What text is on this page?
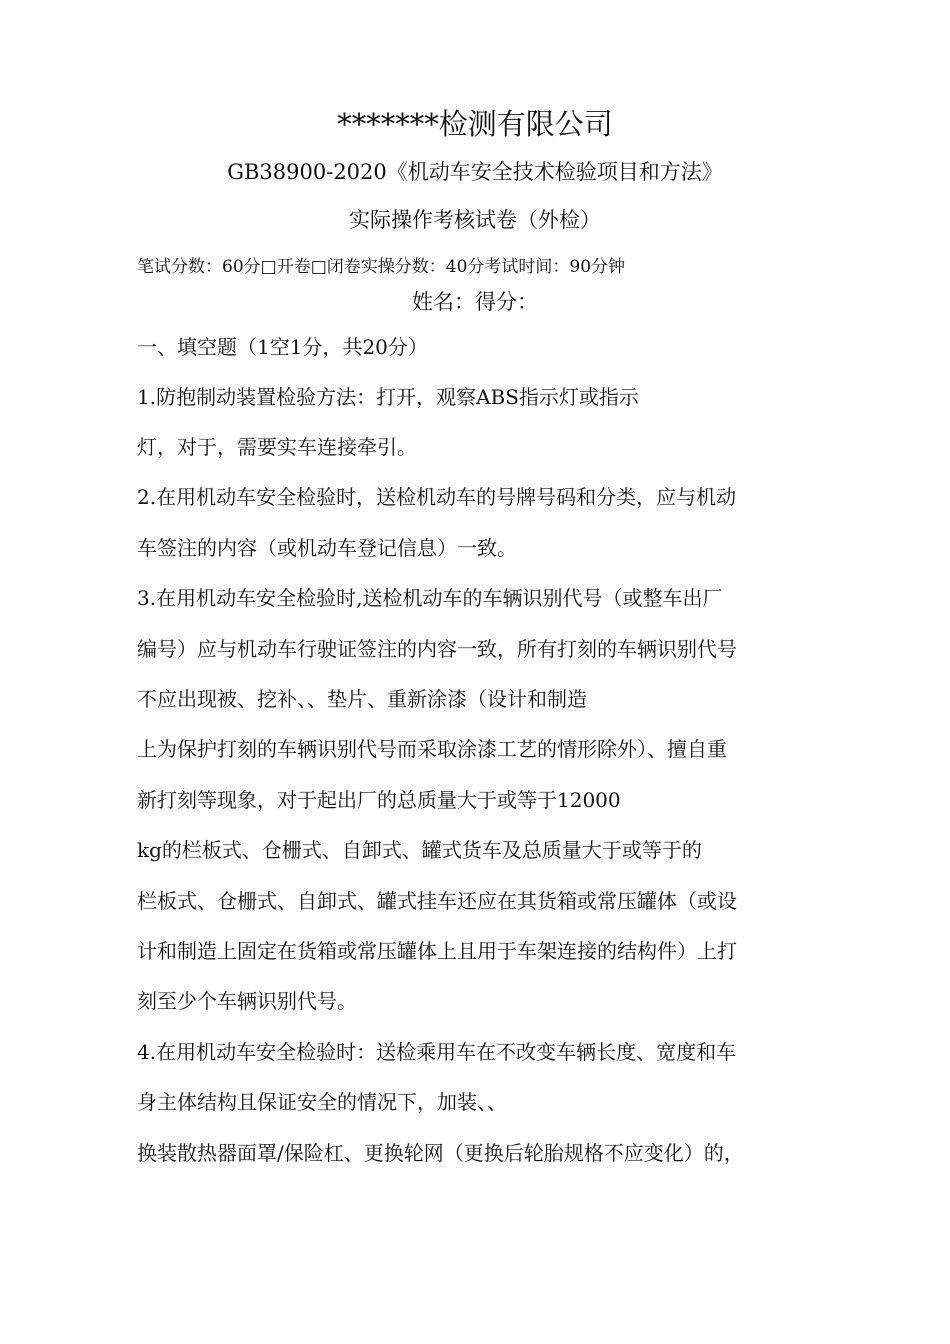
*******检测有限公司
GB38900-2020《机动车安全技术检验项目和方法》
实际操作考核试卷（外检）
笔试分数：60分□开卷□闭卷实操分数：40分考试时间：90分钟
姓名：得分：
一、填空题（1空1分，共20分）
1.防抱制动装置检验方法：打开，观察ABS指示灯或指示
灯，对于，需要实车连接牵引。
2.在用机动车安全检验时，送检机动车的号牌号码和分类，应与机动
车签注的内容（或机动车登记信息）一致。
3.在用机动车安全检验时,送检机动车的车辆识别代号（或整车出厂
编号）应与机动车行驶证签注的内容一致，所有打刻的车辆识别代号
不应出现被、挖补、、垫片、重新涂漆（设计和制造
上为保护打刻的车辆识别代号而采取涂漆工艺的情形除外）、擅自重
新打刻等现象，对于起出厂的总质量大于或等于12000
kg的栏板式、仓栅式、自卸式、罐式货车及总质量大于或等于的
栏板式、仓栅式、自卸式、罐式挂车还应在其货箱或常压罐体（或设
计和制造上固定在货箱或常压罐体上且用于车架连接的结构件）上打
刻至少个车辆识别代号。
4.在用机动车安全检验时：送检乘用车在不改变车辆长度、宽度和车
身主体结构且保证安全的情况下，加装、、
换装散热器面罩/保险杠、更换轮网（更换后轮胎规格不应变化）的，
